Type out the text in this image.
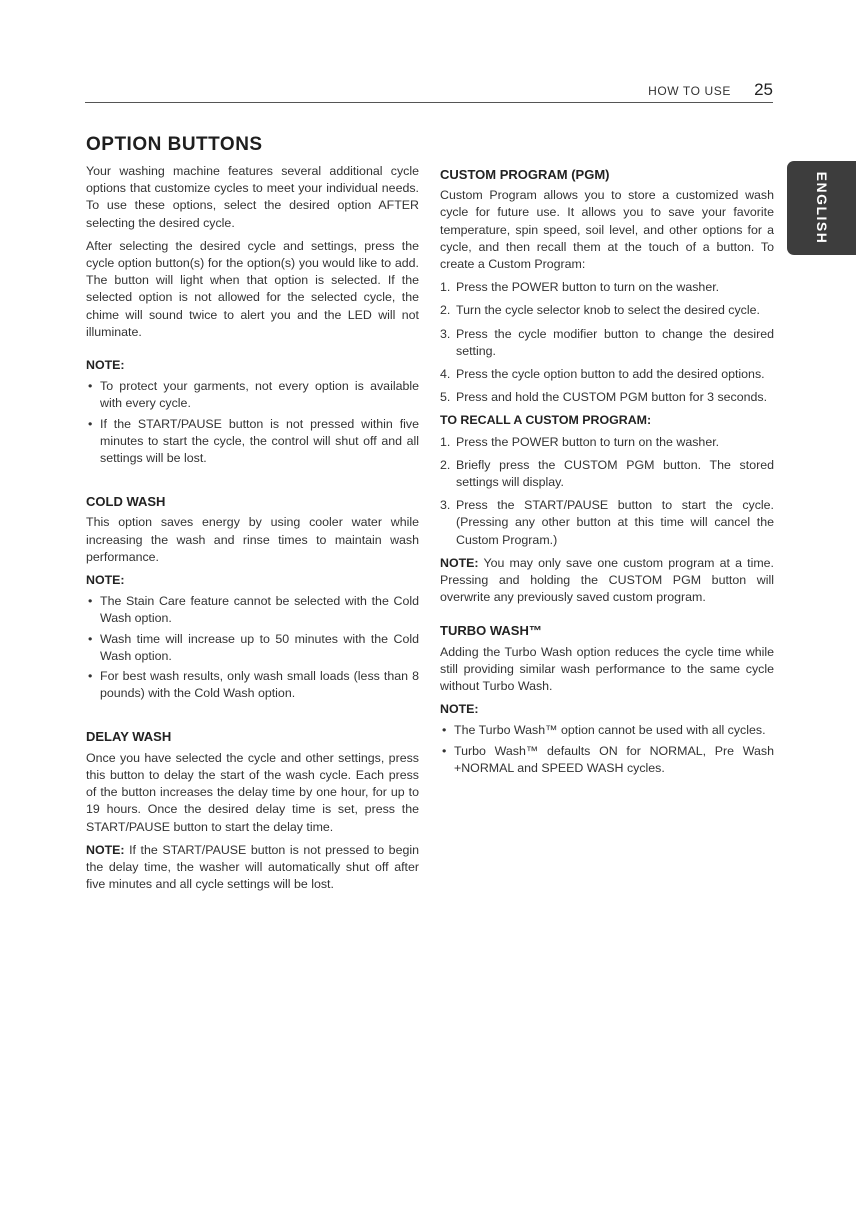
HOW TO USE 25
ENGLISH
OPTION BUTTONS

Your washing machine features several additional cycle options that customize cycles to meet your individual needs. To use these options, select the desired option AFTER selecting the desired cycle.

After selecting the desired cycle and settings, press the cycle option button(s) for the option(s) you would like to add. The button will light when that option is selected. If the selected option is not allowed for the selected cycle, the chime will sound twice to alert you and the LED will not illuminate.

NOTE:
• To protect your garments, not every option is available with every cycle.
• If the START/PAUSE button is not pressed within five minutes to start the cycle, the control will shut off and all settings will be lost.
COLD WASH

This option saves energy by using cooler water while increasing the wash and rinse times to maintain wash performance.

NOTE:
• The Stain Care feature cannot be selected with the Cold Wash option.
• Wash time will increase up to 50 minutes with the Cold Wash option.
• For best wash results, only wash small loads (less than 8 pounds) with the Cold Wash option.
DELAY WASH

Once you have selected the cycle and other settings, press this button to delay the start of the wash cycle. Each press of the button increases the delay time by one hour, for up to 19 hours. Once the desired delay time is set, press the START/PAUSE button to start the delay time.

NOTE: If the START/PAUSE button is not pressed to begin the delay time, the washer will automatically shut off after five minutes and all cycle settings will be lost.

CUSTOM PROGRAM (PGM)

Custom Program allows you to store a customized wash cycle for future use. It allows you to save your favorite temperature, spin speed, soil level, and other options for a cycle, and then recall them at the touch of a button. To create a Custom Program:

1. Press the POWER button to turn on the washer.
2. Turn the cycle selector knob to select the desired cycle.
3. Press the cycle modifier button to change the desired setting.
4. Press the cycle option button to add the desired options.
5. Press and hold the CUSTOM PGM button for 3 seconds.
TO RECALL A CUSTOM PROGRAM:
1. Press the POWER button to turn on the washer.
2. Briefly press the CUSTOM PGM button. The stored settings will display.
3. Press the START/PAUSE button to start the cycle. (Pressing any other button at this time will cancel the Custom Program.)

NOTE: You may only save one custom program at a time. Pressing and holding the CUSTOM PGM button will overwrite any previously saved custom program.

TURBO WASH™

Adding the Turbo Wash option reduces the cycle time while still providing similar wash performance to the same cycle without Turbo Wash.

NOTE:
• The Turbo Wash™ option cannot be used with all cycles.
• Turbo Wash™ defaults ON for NORMAL, Pre Wash +NORMAL and SPEED WASH cycles.
